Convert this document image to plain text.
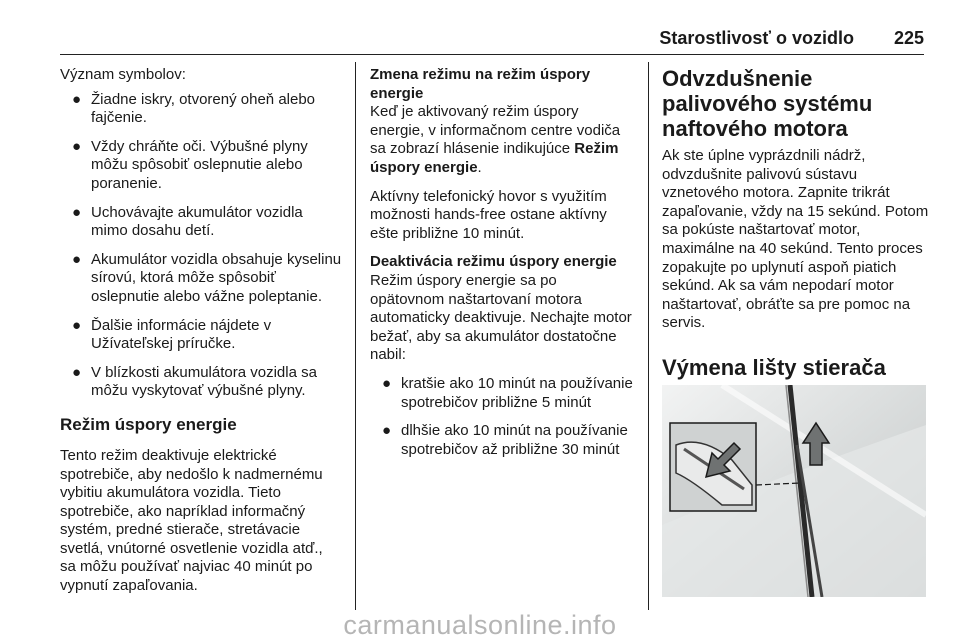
Starostlivosť o vozidlo 225

Význam symbolov:

● Žiadne iskry, otvorený oheň alebo fajčenie.
● Vždy chráňte oči. Výbušné plyny môžu spôsobiť oslepnutie alebo poranenie.
● Uchovávajte akumulátor vozidla mimo dosahu detí.
● Akumulátor vozidla obsahuje kyselinu sírovú, ktorá môže spôsobiť oslepnutie alebo vážne poleptanie.
● Ďalšie informácie nájdete v Užívateľskej príručke.
● V blízkosti akumulátora vozidla sa môžu vyskytovať výbušné plyny.
Režim úspory energie

Tento režim deaktivuje elektrické spotrebiče, aby nedošlo k nadmernému vybitiu akumulátora vozidla. Tieto spotrebiče, ako napríklad informačný systém, predné stierače, stretávacie svetlá, vnútorné osvetlenie vozidla atď., sa môžu používať najviac 40 minút po vypnutí zapaľovania.

Zmena režimu na režim úspory energie

Keď je aktivovaný režim úspory energie, v informačnom centre vodiča sa zobrazí hlásenie indikujúce Režim úspory energie.

Aktívny telefonický hovor s využitím možnosti hands-free ostane aktívny ešte približne 10 minút.

Deaktivácia režimu úspory energie

Režim úspory energie sa po opätovnom naštartovaní motora automaticky deaktivuje. Nechajte motor bežať, aby sa akumulátor dostatočne nabil:

● kratšie ako 10 minút na používanie spotrebičov približne 5 minút
● dlhšie ako 10 minút na používanie spotrebičov až približne 30 minút
Odvzdušnenie palivového systému naftového motora

Ak ste úplne vyprázdnili nádrž, odvzdušnite palivovú sústavu vznetového motora. Zapnite trikrát zapaľovanie, vždy na 15 sekúnd. Potom sa pokúste naštartovať motor, maximálne na 40 sekúnd. Tento proces zopakujte po uplynutí aspoň piatich sekúnd. Ak sa vám nepodarí motor naštartovať, obráťte sa pre pomoc na servis.

Výmena lišty stierača
carmanualsonline.info
